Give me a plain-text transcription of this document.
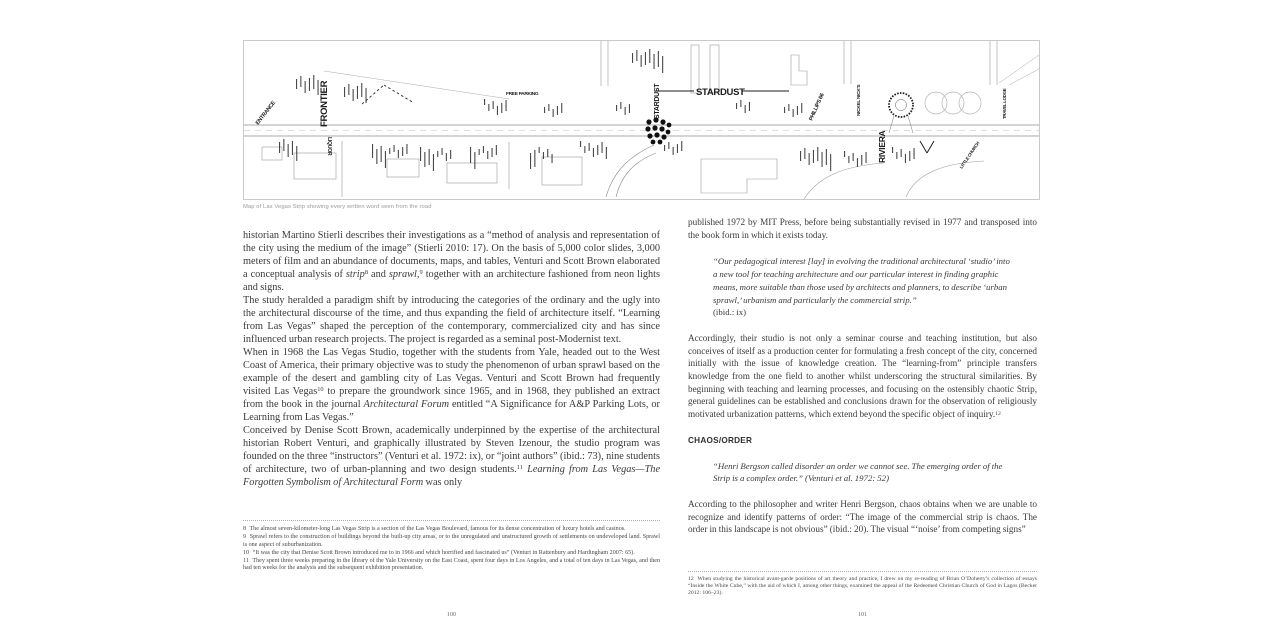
ENTRANCE	FRONTIER
LIQUOR
FREE PARKING	STARDUST	STARDUST
PHILLIPS 66	NICKEL NICK'S
RIVIERA
TRAVEL LODGE
LITTLE CHURCH
Map of Las Vegas Strip showing every written word seen from the road

historian Martino Stierli describes their investigations as a “method of analysis and representation of the city using the medium of the image” (Stierli 2010: 17). On the basis of 5,000 color slides, 3,000 meters of film and an abundance of documents, maps, and tables, Venturi and Scott Brown elaborated a conceptual analysis of strip$^8$ and sprawl,$^9$ together with an architecture fashioned from neon lights and signs.

The study heralded a paradigm shift by introducing the categories of the ordinary and the ugly into the architectural discourse of the time, and thus expanding the field of architecture itself. “Learning from Las Vegas” shaped the perception of the contemporary, commercialized city and has since influenced urban research projects. The project is regarded as a seminal post-Modernist text.

When in 1968 the Las Vegas Studio, together with the students from Yale, headed out to the West Coast of America, their primary objective was to study the phenomenon of urban sprawl based on the example of the desert and gambling city of Las Vegas. Venturi and Scott Brown had frequently visited Las Vegas$^{10}$ to prepare the groundwork since 1965, and in 1968, they published an extract from the book in the journal Architectural Forum entitled “A Significance for A&P Parking Lots, or Learning from Las Vegas.”

Conceived by Denise Scott Brown, academically underpinned by the expertise of the architectural historian Robert Venturi, and graphically illustrated by Steven Izenour, the studio program was founded on the three “instructors” (Venturi et al. 1972: ix), or “joint authors” (ibid.: 73), nine students of architecture, two of urban-planning and two design students.$^{11}$ Learning from Las Vegas—The Forgotten Symbolism of Architectural Form was only

8 The almost seven-kilometer-long Las Vegas Strip is a section of the Las Vegas Boulevard, famous for its dense concentration of luxury hotels and casinos.

9 Sprawl refers to the construction of buildings beyond the built-up city areas, or to the unregulated and unstructured growth of settlements on undeveloped land. Sprawl is one aspect of suburbanization.

10 “It was the city that Denise Scott Brown introduced me to in 1966 and which horrified and fascinated us” (Venturi in Rattenbury and Hardingham 2007: 65).

11 They spent three weeks preparing in the library of the Yale University on the East Coast, spent four days in Los Angeles, and a total of ten days in Las Vegas, and then had ten weeks for the analysis and the subsequent exhibition presentation.

100

published 1972 by MIT Press, before being substantially revised in 1977 and transposed into the book form in which it exists today.

“Our pedagogical interest [lay] in evolving the traditional architectural ‘studio’ into a new tool for teaching architecture and our particular interest in finding graphic means, more suitable than those used by architects and planners, to describe ‘urban sprawl,’ urbanism and particularly the commercial strip.”
(ibid.: ix)

Accordingly, their studio is not only a seminar course and teaching institution, but also conceives of itself as a production center for formulating a fresh concept of the city, concerned initially with the issue of knowledge creation. The “learning-from” principle transfers knowledge from the one field to another whilst underscoring the structural similarities. By beginning with teaching and learning processes, and focusing on the ostensibly chaotic Strip, general guidelines can be established and conclusions drawn for the observation of religiously motivated urbanization patterns, which extend beyond the specific object of inquiry.$^{12}$

CHAOS/ORDER

“Henri Bergson called disorder an order we cannot see. The emerging order of the Strip is a complex order.” (Venturi et al. 1972: 52)

According to the philosopher and writer Henri Bergson, chaos obtains when we are unable to recognize and identify patterns of order: “The image of the commercial strip is chaos. The order in this landscape is not obvious” (ibid.: 20). The visual “‘noise’ from competing signs”

12 When studying the historical avant-garde positions of art theory and practice, I drew on my re-reading of Brian O’Doherty’s collection of essays “Inside the White Cube,” with the aid of which I, among other things, examined the appeal of the Redeemed Christian Church of God in Lagos (Becker 2012: 106–23).

101
